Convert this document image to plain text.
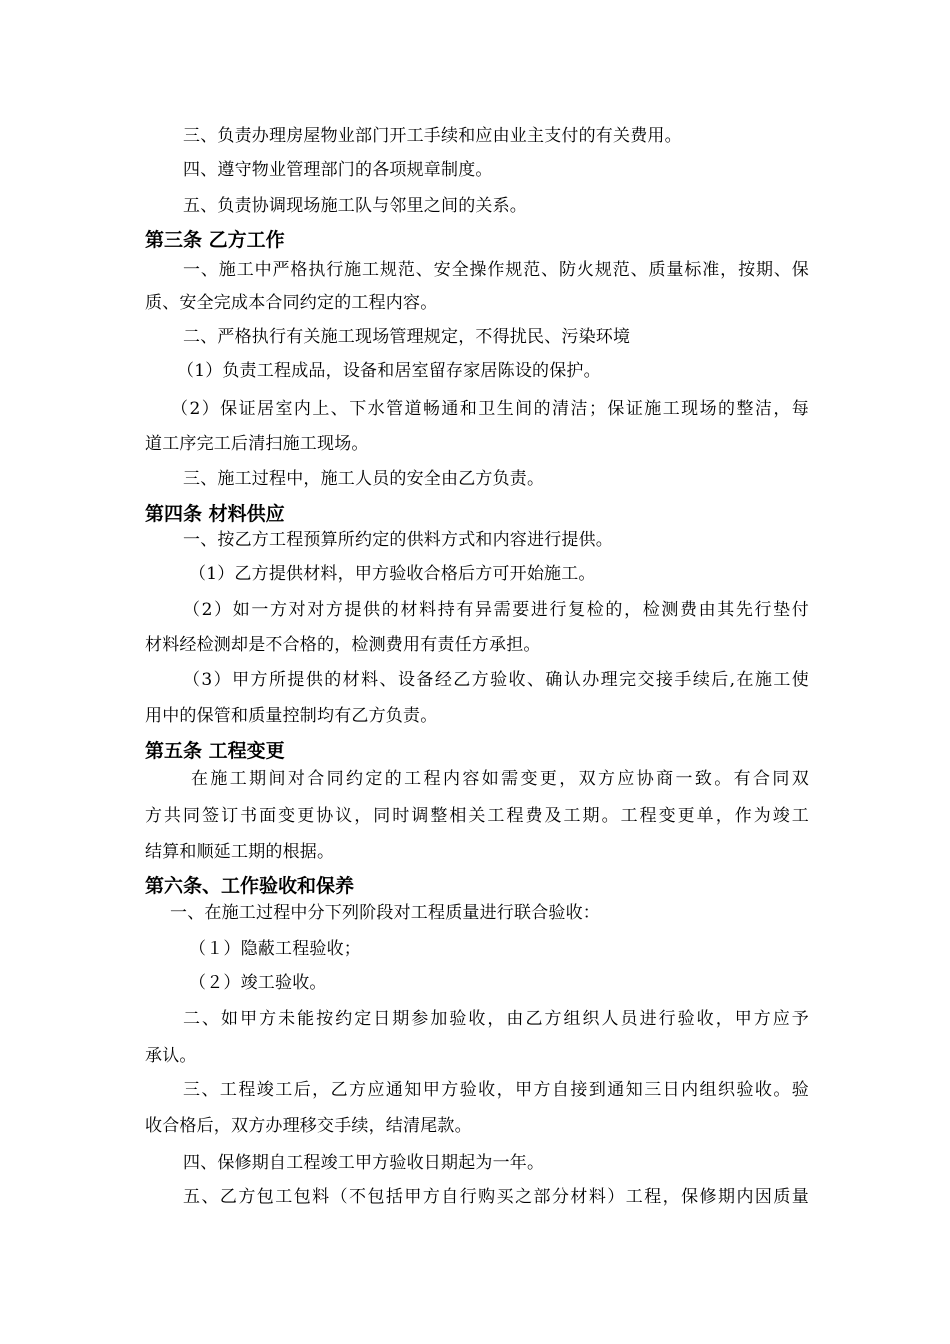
三、负责办理房屋物业部门开工手续和应由业主支付的有关费用。
四、遵守物业管理部门的各项规章制度。
五、负责协调现场施工队与邻里之间的关系。
第三条 乙方工作
一、施工中严格执行施工规范、安全操作规范、防火规范、质量标准，按期、保
质、安全完成本合同约定的工程内容。
二、严格执行有关施工现场管理规定，不得扰民、污染环境
（1）负责工程成品，设备和居室留存家居陈设的保护。
（2）保证居室内上、下水管道畅通和卫生间的清洁；保证施工现场的整洁，每
道工序完工后清扫施工现场。
三、施工过程中，施工人员的安全由乙方负责。
第四条 材料供应
一、按乙方工程预算所约定的供料方式和内容进行提供。
（1）乙方提供材料，甲方验收合格后方可开始施工。
（2）如一方对对方提供的材料持有异需要进行复检的，检测费由其先行垫付
材料经检测却是不合格的，检测费用有责任方承担。
（3）甲方所提供的材料、设备经乙方验收、确认办理完交接手续后,在施工使
用中的保管和质量控制均有乙方负责。
第五条 工程变更
在施工期间对合同约定的工程内容如需变更，双方应协商一致。有合同双
方共同签订书面变更协议，同时调整相关工程费及工期。工程变更单，作为竣工
结算和顺延工期的根据。
第六条、工作验收和保养
一、在施工过程中分下列阶段对工程质量进行联合验收：
（１）隐蔽工程验收；
（２）竣工验收。
二、如甲方未能按约定日期参加验收，由乙方组织人员进行验收，甲方应予
承认。
三、工程竣工后，乙方应通知甲方验收，甲方自接到通知三日内组织验收。验
收合格后，双方办理移交手续，结清尾款。
四、保修期自工程竣工甲方验收日期起为一年。
五、乙方包工包料（不包括甲方自行购买之部分材料）工程，保修期内因质量
